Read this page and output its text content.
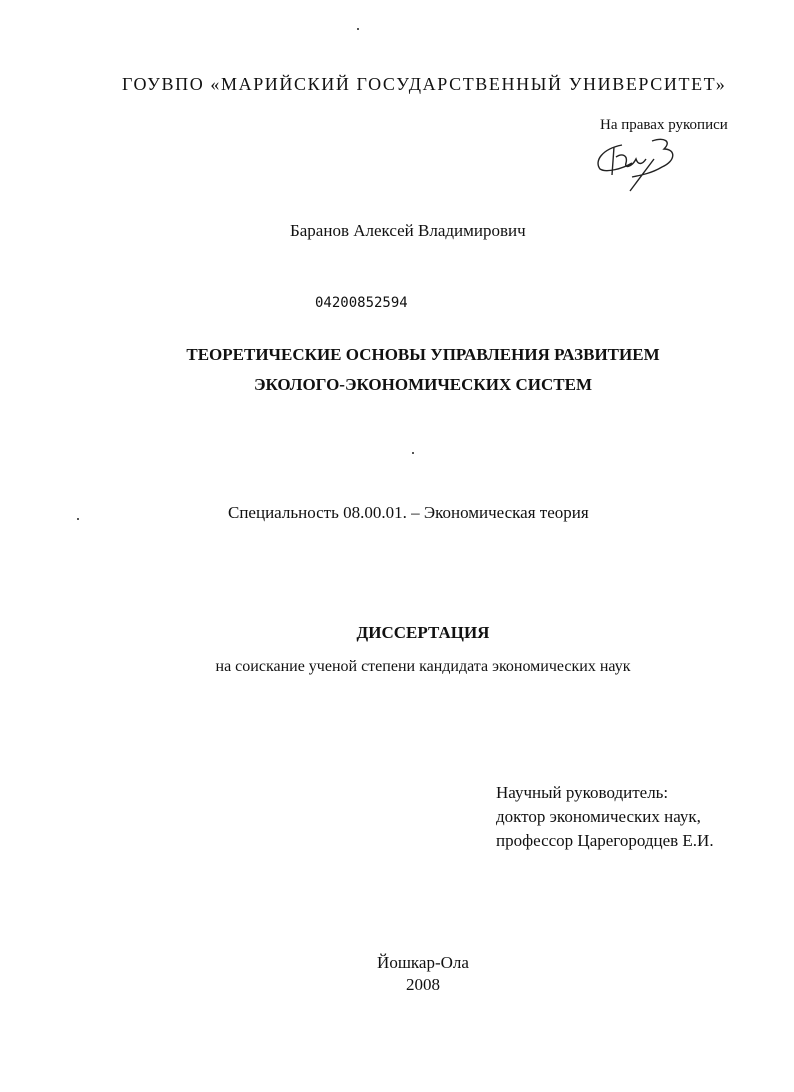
ГОУВПО «МАРИЙСКИЙ ГОСУДАРСТВЕННЫЙ УНИВЕРСИТЕТ»
На правах рукописи
Баранов Алексей Владимирович
04200852594
ТЕОРЕТИЧЕСКИЕ ОСНОВЫ УПРАВЛЕНИЯ РАЗВИТИЕМ
ЭКОЛОГО-ЭКОНОМИЧЕСКИХ СИСТЕМ
Специальность 08.00.01. – Экономическая теория
ДИССЕРТАЦИЯ
на соискание ученой степени кандидата экономических наук
Научный руководитель:
доктор экономических наук,
профессор Царегородцев Е.И.
Йошкар-Ола
2008
